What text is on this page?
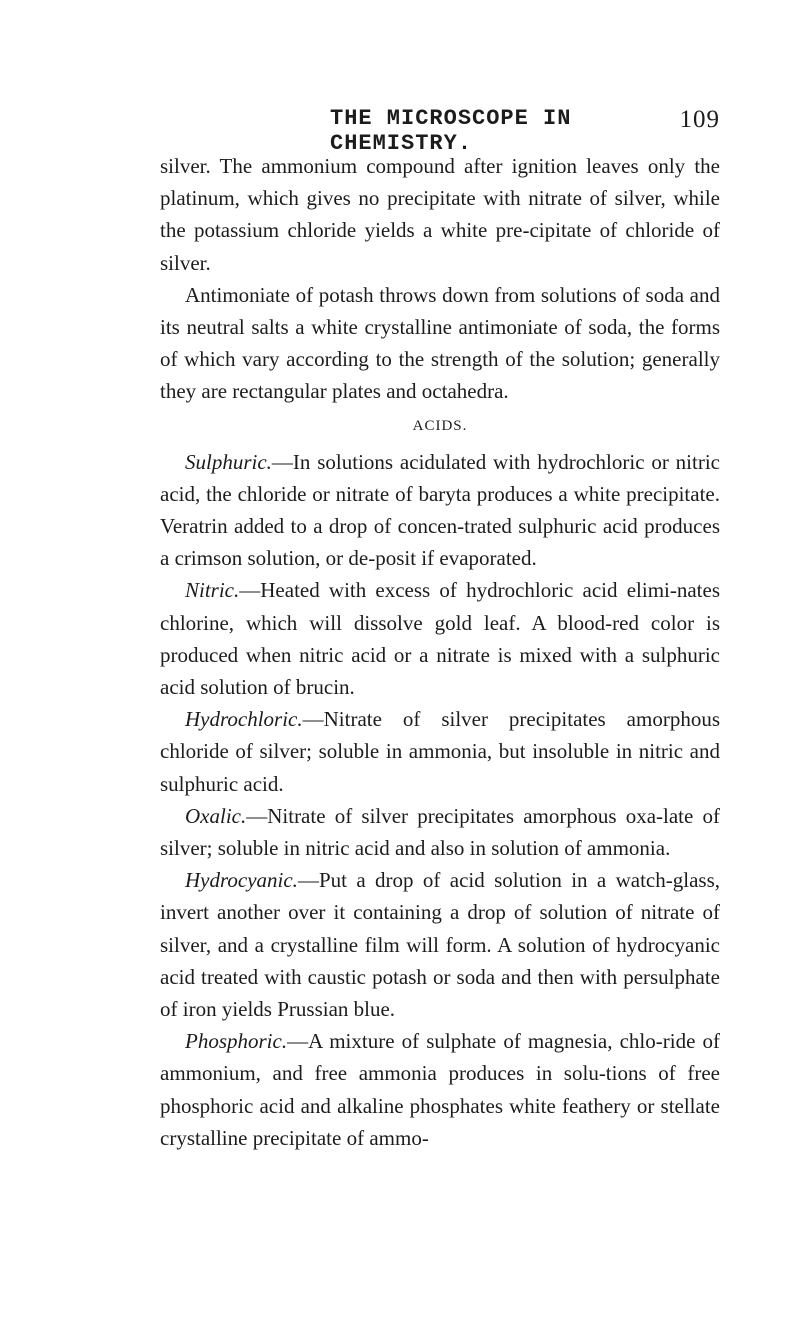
THE MICROSCOPE IN CHEMISTRY.
109

silver. The ammonium compound after ignition leaves only the platinum, which gives no precipitate with nitrate of silver, while the potassium chloride yields a white pre-cipitate of chloride of silver.

Antimoniate of potash throws down from solutions of soda and its neutral salts a white crystalline antimoniate of soda, the forms of which vary according to the strength of the solution; generally they are rectangular plates and octahedra.

ACIDS.

Sulphuric.—In solutions acidulated with hydrochloric or nitric acid, the chloride or nitrate of baryta produces a white precipitate. Veratrin added to a drop of concen-trated sulphuric acid produces a crimson solution, or de-posit if evaporated.

Nitric.—Heated with excess of hydrochloric acid elimi-nates chlorine, which will dissolve gold leaf. A blood-red color is produced when nitric acid or a nitrate is mixed with a sulphuric acid solution of brucin.

Hydrochloric.—Nitrate of silver precipitates amorphous chloride of silver; soluble in ammonia, but insoluble in nitric and sulphuric acid.

Oxalic.—Nitrate of silver precipitates amorphous oxa-late of silver; soluble in nitric acid and also in solution of ammonia.

Hydrocyanic.—Put a drop of acid solution in a watch-glass, invert another over it containing a drop of solution of nitrate of silver, and a crystalline film will form. A solution of hydrocyanic acid treated with caustic potash or soda and then with persulphate of iron yields Prussian blue.

Phosphoric.—A mixture of sulphate of magnesia, chlo-ride of ammonium, and free ammonia produces in solu-tions of free phosphoric acid and alkaline phosphates white feathery or stellate crystalline precipitate of ammo-
